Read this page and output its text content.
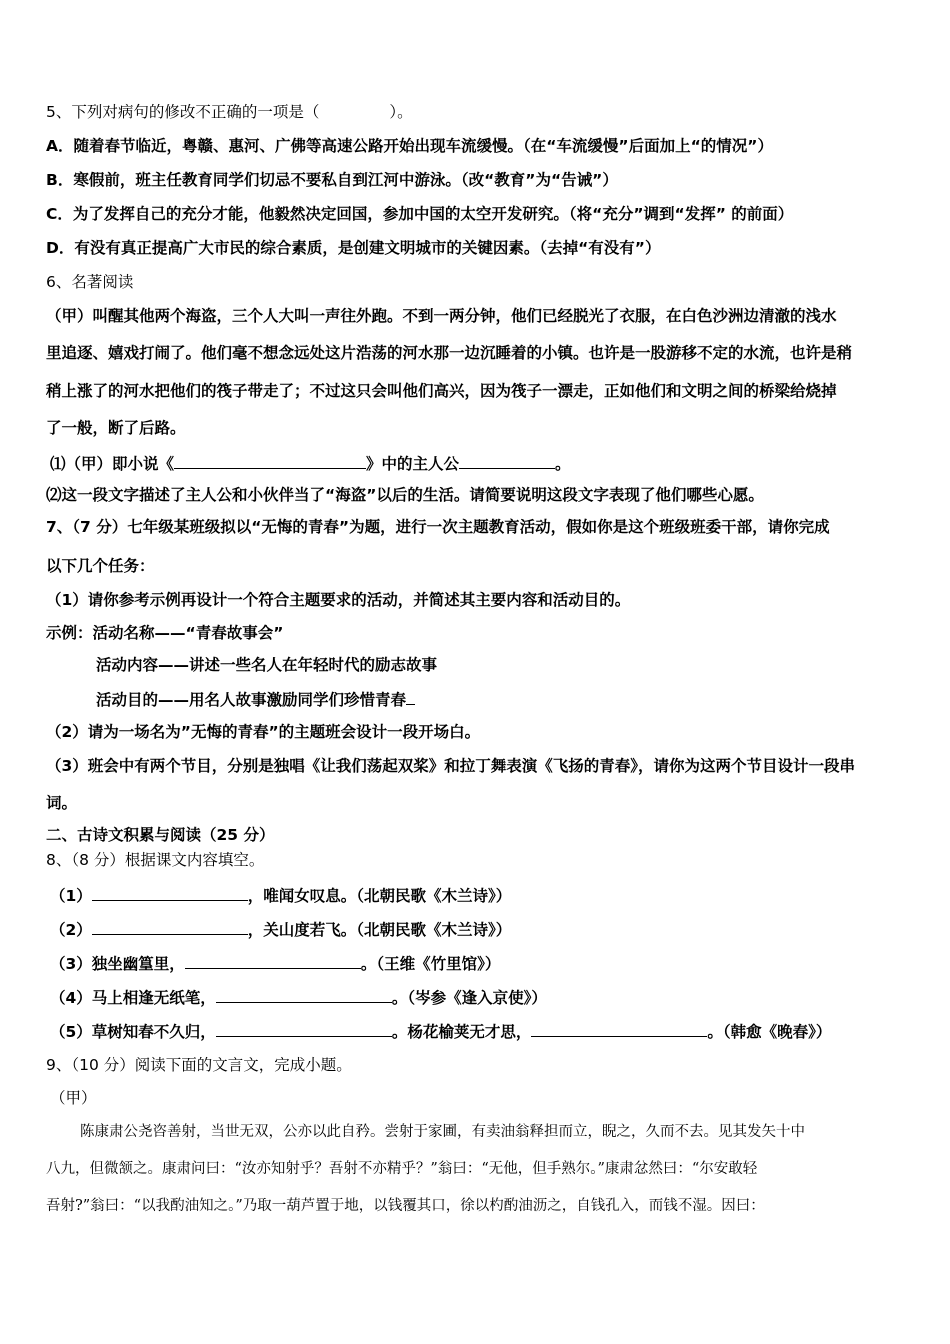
5、下列对病句的修改不正确的一项是（	）。
A．随着春节临近，粤赣、惠河、广佛等高速公路开始出现车流缓慢。（在“车流缓慢”后面加上“的情况”）
B．寒假前，班主任教育同学们切忌不要私自到江河中游泳。（改“教育”为“告诫”）
C．为了发挥自己的充分才能，他毅然决定回国，参加中国的太空开发研究。（将“充分”调到“发挥” 的前面）
D．有没有真正提高广大市民的综合素质，是创建文明城市的关键因素。（去掉“有没有”）
6、名著阅读
（甲）叫醒其他两个海盗，三个人大叫一声往外跑。不到一两分钟，他们已经脱光了衣服，在白色沙洲边清澈的浅水
里追逐、嬉戏打闹了。他们毫不想念远处这片浩荡的河水那一边沉睡着的小镇。也许是一股游移不定的水流，也许是稍
稍上涨了的河水把他们的筏子带走了；不过这只会叫他们高兴，因为筏子一漂走，正如他们和文明之间的桥梁给烧掉
了一般，断了后路。
⑴（甲）即小说《	》中的主人公	。
⑵这一段文字描述了主人公和小伙伴当了“海盗”以后的生活。请简要说明这段文字表现了他们哪些心愿。
7、（7 分）七年级某班级拟以“无悔的青春”为题，进行一次主题教育活动，假如你是这个班级班委干部，请你完成
以下几个任务：
（1）请你参考示例再设计一个符合主题要求的活动，并简述其主要内容和活动目的。
示例：活动名称——“青春故事会”
活动内容——讲述一些名人在年轻时代的励志故事
活动目的——用名人故事激励同学们珍惜青春
（2）请为一场名为”无悔的青春”的主题班会设计一段开场白。
（3）班会中有两个节目，分别是独唱《让我们荡起双桨》和拉丁舞表演《飞扬的青春》，请你为这两个节目设计一段串
词。
二、古诗文积累与阅读（25 分）
8、（8 分）根据课文内容填空。
（1）	，唯闻女叹息。（北朝民歌《木兰诗》）
（2）	，关山度若飞。（北朝民歌《木兰诗》）
（3）独坐幽篁里，	。（王维《竹里馆》）
（4）马上相逢无纸笔，	。（岑参《逢入京使》）
（5）草树知春不久归，	。杨花榆荚无才思，	。（韩愈《晚春》）
9、（10 分）阅读下面的文言文，完成小题。
（甲）
陈康肃公尧咨善射，当世无双，公亦以此自矜。尝射于家圃，有卖油翁释担而立，睨之，久而不去。见其发矢十中
八九，但微颔之。康肃问曰：“汝亦知射乎？吾射不亦精乎？”翁曰：“无他，但手熟尔。”康肃忿然曰：“尔安敢轻
吾射?”翁曰：“以我酌油知之。”乃取一葫芦置于地，以钱覆其口，徐以杓酌油沥之，自钱孔入，而钱不湿。因曰：
